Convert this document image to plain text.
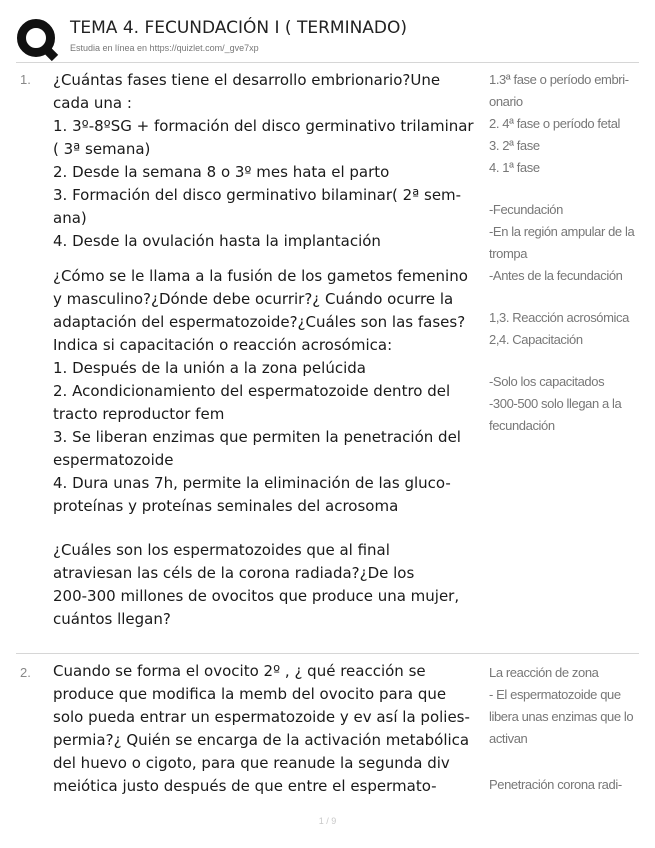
TEMA 4. FECUNDACIÓN I ( TERMINADO)
Estudia en línea en https://quizlet.com/_gve7xp
1. ¿Cuántas fases tiene el desarrollo embrionario?Une

cada una :

1. 3º-8ºSG + formación del disco germinativo trilaminar

( 3ª semana)

2. Desde la semana 8 o 3º mes hata el parto

3. Formación del disco germinativo bilaminar( 2ª sem-

ana)

4. Desde la ovulación hasta la implantación

¿Cómo se le llama a la fusión de los gametos femenino

y masculino?¿Dónde debe ocurrir?¿ Cuándo ocurre la

adaptación del espermatozoide?¿Cuáles son las fases?

Indica si capacitación o reacción acrosómica:

1. Después de la unión a la zona pelúcida

2. Acondicionamiento del espermatozoide dentro del

tracto reproductor fem

3. Se liberan enzimas que permiten la penetración del

espermatozoide

4. Dura unas 7h, permite la eliminación de las gluco-

proteínas y proteínas seminales del acrosoma

¿Cuáles son los espermatozoides que al final

atraviesan las céls de la corona radiada?¿De los

200-300 millones de ovocitos que produce una mujer,

cuántos llegan?

1.3ª fase o período embri-

onario

2. 4ª fase o período fetal

3. 2ª fase

4. 1ª fase

-Fecundación

-En la región ampular de la

trompa

-Antes de la fecundación

1,3. Reacción acrosómica

2,4. Capacitación

-Solo los capacitados

-300-500 solo llegan a la

fecundación

2. Cuando se forma el ovocito 2º , ¿ qué reacción se

produce que modifica la memb del ovocito para que

solo pueda entrar un espermatozoide y ev así la polies-

permia?¿ Quién se encarga de la activación metabólica

del huevo o cigoto, para que reanude la segunda div

meiótica justo después de que entre el espermato-

La reacción de zona

- El espermatozoide que

libera unas enzimas que lo

activan

Penetración corona radi-

1 / 9
